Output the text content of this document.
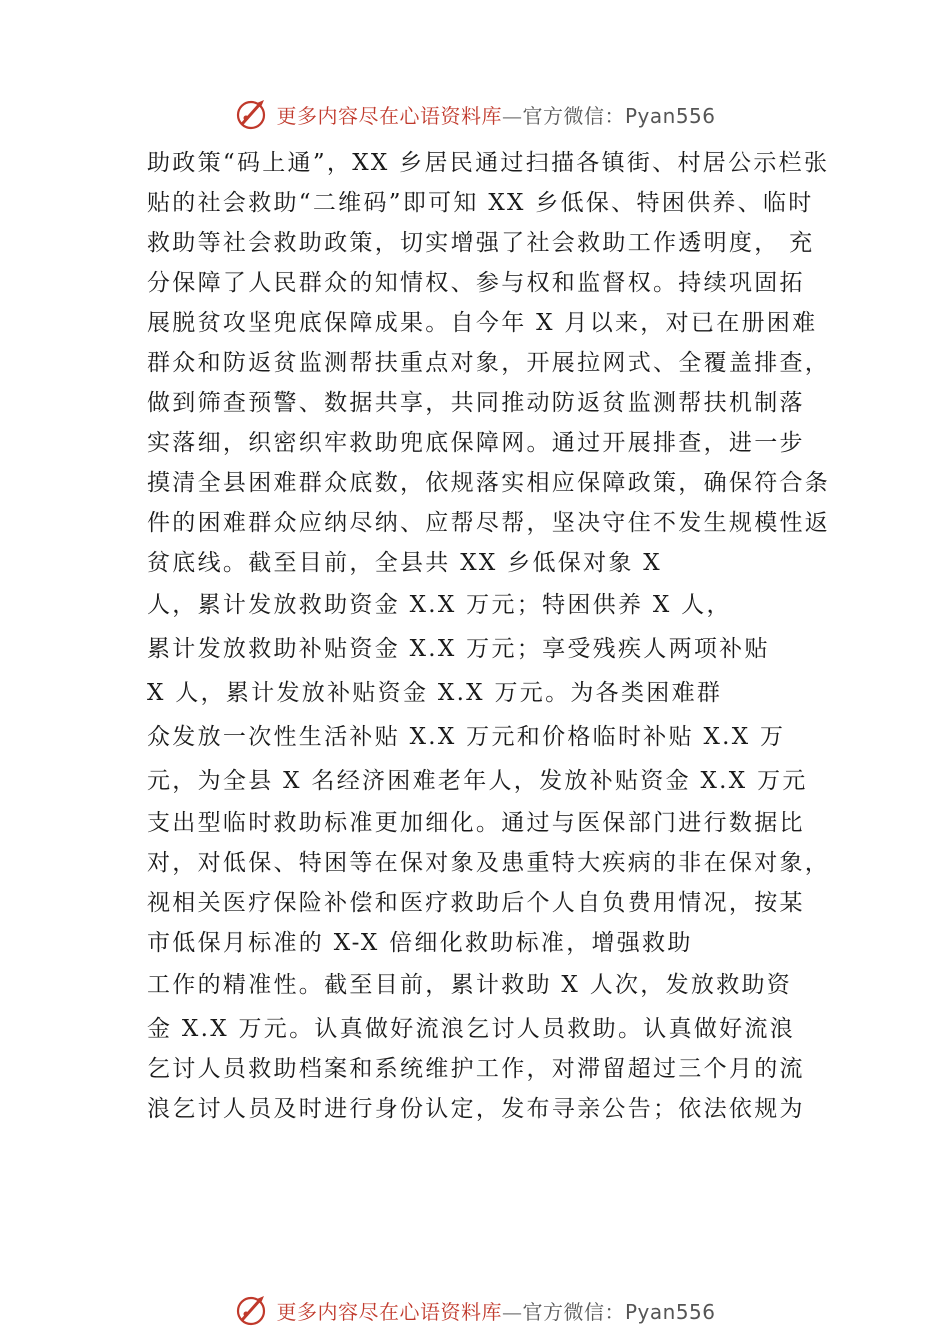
更多内容尽在心语资料库—官方微信：Pyan556
助政策“码上通”，XX 乡居民通过扫描各镇街、村居公示栏张
贴的社会救助“二维码”即可知 XX 乡低保、特困供养、临时
救助等社会救助政策，切实增强了社会救助工作透明度， 充
分保障了人民群众的知情权、参与权和监督权。持续巩固拓
展脱贫攻坚兜底保障成果。自今年 X 月以来，对已在册困难
群众和防返贫监测帮扶重点对象，开展拉网式、全覆盖排查，
做到筛查预警、数据共享，共同推动防返贫监测帮扶机制落
实落细，织密织牢救助兜底保障网。通过开展排查，进一步
摸清全县困难群众底数，依规落实相应保障政策，确保符合条
件的困难群众应纳尽纳、应帮尽帮，坚决守住不发生规模性返
贫底线。截至目前，全县共 XX 乡低保对象 X
人，累计发放救助资金 X.X 万元；特困供养 X 人，
累计发放救助补贴资金 X.X 万元；享受残疾人两项补贴
X 人，累计发放补贴资金 X.X 万元。为各类困难群
众发放一次性生活补贴 X.X 万元和价格临时补贴 X.X 万
元，为全县 X 名经济困难老年人，发放补贴资金 X.X 万元
支出型临时救助标准更加细化。通过与医保部门进行数据比
对，对低保、特困等在保对象及患重特大疾病的非在保对象，
视相关医疗保险补偿和医疗救助后个人自负费用情况，按某
市低保月标准的 X-X 倍细化救助标准，增强救助
工作的精准性。截至目前，累计救助 X 人次，发放救助资
金 X.X 万元。认真做好流浪乞讨人员救助。认真做好流浪
乞讨人员救助档案和系统维护工作，对滞留超过三个月的流
浪乞讨人员及时进行身份认定，发布寻亲公告；依法依规为
更多内容尽在心语资料库—官方微信：Pyan556
